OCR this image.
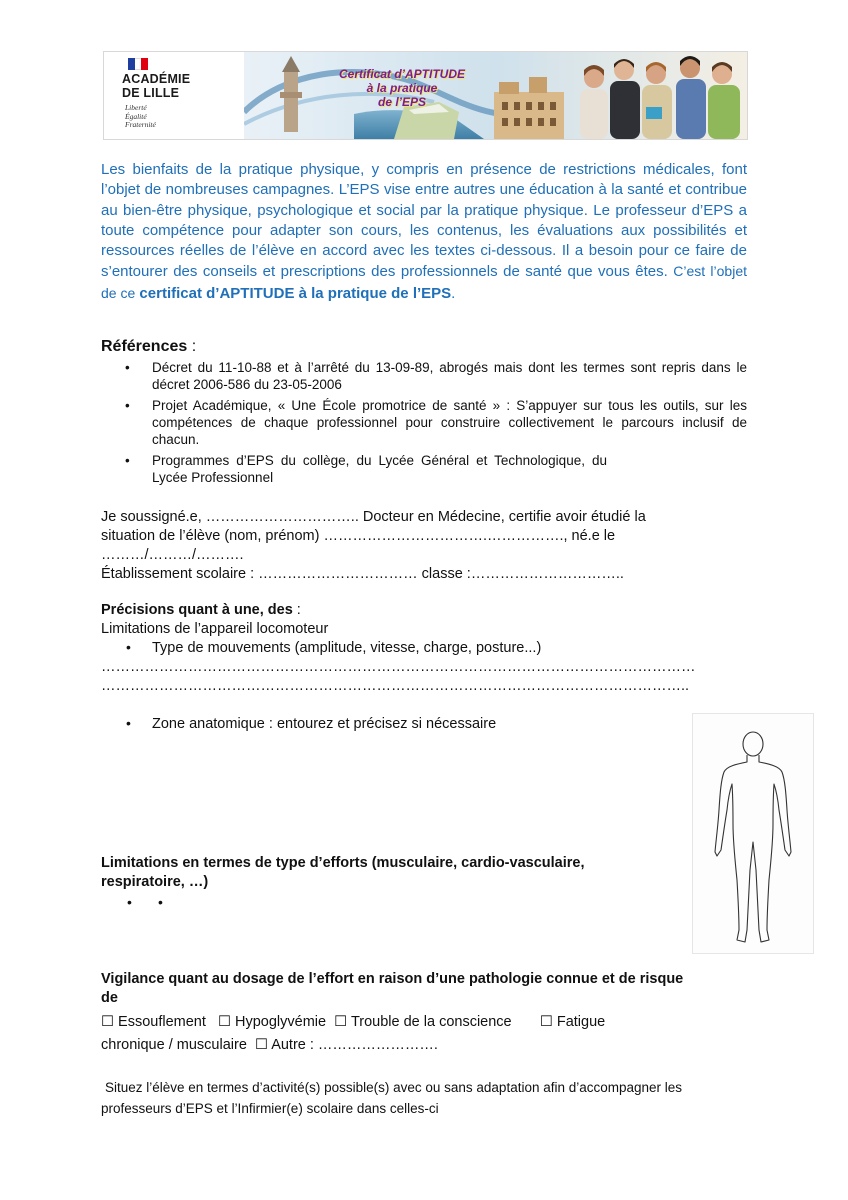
ACADÉMIE
DE LILLE
Liberté
Égalité
Fraternité
Certificat d’APTITUDE
à la pratique
de l’EPS

Les bienfaits de la pratique physique, y compris en présence de restrictions médicales, font l’objet de nombreuses campagnes. L’EPS vise entre autres une éducation à la santé et contribue au bien-être physique, psychologique et social par la pratique physique. Le professeur d’EPS a toute compétence pour adapter son cours, les contenus, les évaluations aux possibilités et ressources réelles de l’élève en accord avec les textes ci-dessous. Il a besoin pour ce faire de s’entourer des conseils et prescriptions des professionnels de santé que vous êtes. C’est l’objet de ce certificat d’APTITUDE à la pratique de l’EPS.

Références :

• Décret du 11-10-88 et à l’arrêté du 13-09-89, abrogés mais dont les termes sont repris dans le décret 2006-586 du 23-05-2006
• Projet Académique, « Une École promotrice de santé » : S’appuyer sur tous les outils, sur les compétences de chaque professionnel pour construire collectivement le parcours inclusif de chacun.
• Programmes d’EPS du collège, du Lycée Général et Technologique, du Lycée Professionnel

Je soussigné.e, ………………………….. Docteur en Médecine, certifie avoir étudié la

situation de l’élève (nom, prénom) …………………………….……………., né.e le

………/………/……….

Établissement scolaire : …………………………… classe :…………………………..

Précisions quant à une, des :

Limitations de l’appareil locomoteur

• Type de mouvements (amplitude, vitesse, charge, posture...)

……………………………………………………………………………………………………………

…………………………………………………………………………………………………………..

• Zone anatomique : entourez et précisez si nécessaire

Limitations en termes de type d’efforts (musculaire, cardio-vasculaire,

respiratoire, …)

• •

Vigilance quant au dosage de l’effort en raison d’une pathologie connue et de risque

de

☐ Essouflement ☐ Hypoglyvémie ☐ Trouble de la conscience ☐ Fatigue

chronique / musculaire ☐ Autre : …………………….

Situez l’élève en termes d’activité(s) possible(s) avec ou sans adaptation afin d’accompagner les
professeurs d’EPS et l’Infirmier(e) scolaire dans celles-ci
